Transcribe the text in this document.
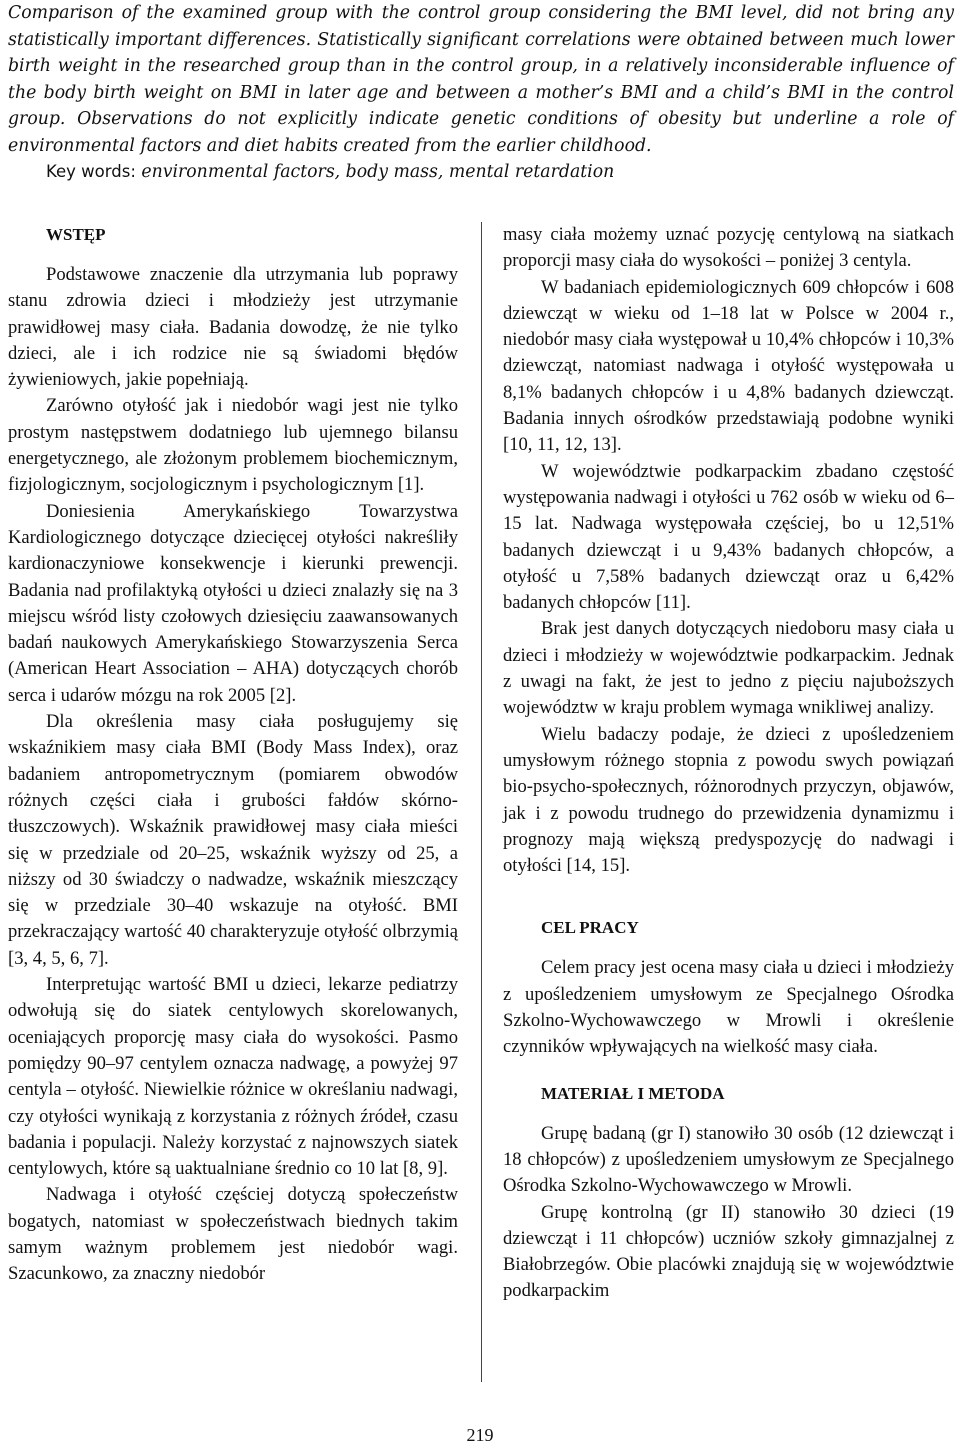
Comparison of the examined group with the control group considering the BMI level, did not bring any statistically important differences. Statistically significant correlations were obtained between much lower birth weight in the researched group than in the control group, in a relatively inconsiderable influence of the body birth weight on BMI in later age and between a mother’s BMI and a child’s BMI in the control group. Observations do not explicitly indicate genetic conditions of obesity but underline a role of environmental factors and diet habits created from the earlier childhood.

Key words: environmental factors, body mass, mental retardation

WSTĘP

Podstawowe znaczenie dla utrzymania lub poprawy stanu zdrowia dzieci i młodzieży jest utrzymanie prawidłowej masy ciała. Badania dowodzę, że nie tylko dzieci, ale i ich rodzice nie są świadomi błędów żywieniowych, jakie popełniają.

Zarówno otyłość jak i niedobór wagi jest nie tylko prostym następstwem dodatniego lub ujemnego bilansu energetycznego, ale złożonym problemem biochemicznym, fizjologicznym, socjologicznym i psychologicznym [1].

Doniesienia Amerykańskiego Towarzystwa Kardiologicznego dotyczące dziecięcej otyłości nakreśliły kardionaczyniowe konsekwencje i kierunki prewencji. Badania nad profilaktyką otyłości u dzieci znalazły się na 3 miejscu wśród listy czołowych dziesięciu zaawansowanych badań naukowych Amerykańskiego Stowarzyszenia Serca (American Heart Association – AHA) dotyczących chorób serca i udarów mózgu na rok 2005 [2].

Dla określenia masy ciała posługujemy się wskaźnikiem masy ciała BMI (Body Mass Index), oraz badaniem antropometrycznym (pomiarem obwodów różnych części ciała i grubości fałdów skórno-tłuszczowych). Wskaźnik prawidłowej masy ciała mieści się w przedziale od 20–25, wskaźnik wyższy od 25, a niższy od 30 świadczy o nadwadze, wskaźnik mieszczący się w przedziale 30–40 wskazuje na otyłość. BMI przekraczający wartość 40 charakteryzuje otyłość olbrzymią [3, 4, 5, 6, 7].

Interpretując wartość BMI u dzieci, lekarze pediatrzy odwołują się do siatek centylowych skorelowanych, oceniających proporcję masy ciała do wysokości. Pasmo pomiędzy 90–97 centylem oznacza nadwagę, a powyżej 97 centyla – otyłość. Niewielkie różnice w określaniu nadwagi, czy otyłości wynikają z korzystania z różnych źródeł, czasu badania i populacji. Należy korzystać z najnowszych siatek centylowych, które są uaktualniane średnio co 10 lat [8, 9].

Nadwaga i otyłość częściej dotyczą społeczeństw bogatych, natomiast w społeczeństwach biednych takim samym ważnym problemem jest niedobór wagi. Szacunkowo, za znaczny niedobór

masy ciała możemy uznać pozycję centylową na siatkach proporcji masy ciała do wysokości – poniżej 3 centyla.

W badaniach epidemiologicznych 609 chłopców i 608 dziewcząt w wieku od 1–18 lat w Polsce w 2004 r., niedobór masy ciała występował u 10,4% chłopców i 10,3% dziewcząt, natomiast nadwaga i otyłość występowała u 8,1% badanych chłopców i u 4,8% badanych dziewcząt. Badania innych ośrodków przedstawiają podobne wyniki [10, 11, 12, 13].

W województwie podkarpackim zbadano częstość występowania nadwagi i otyłości u 762 osób w wieku od 6–15 lat. Nadwaga występowała częściej, bo u 12,51% badanych dziewcząt i u 9,43% badanych chłopców, a otyłość u 7,58% badanych dziewcząt oraz u 6,42% badanych chłopców [11].

Brak jest danych dotyczących niedoboru masy ciała u dzieci i młodzieży w województwie podkarpackim. Jednak z uwagi na fakt, że jest to jedno z pięciu najuboższych województw w kraju problem wymaga wnikliwej analizy.

Wielu badaczy podaje, że dzieci z upośledzeniem umysłowym różnego stopnia z powodu swych powiązań bio-psycho-społecznych, różnorodnych przyczyn, objawów, jak i z powodu trudnego do przewidzenia dynamizmu i prognozy mają większą predyspozycję do nadwagi i otyłości [14, 15].

CEL PRACY

Celem pracy jest ocena masy ciała u dzieci i młodzieży z upośledzeniem umysłowym ze Specjalnego Ośrodka Szkolno-Wychowawczego w Mrowli i określenie czynników wpływających na wielkość masy ciała.

MATERIAŁ I METODA

Grupę badaną (gr I) stanowiło 30 osób (12 dziewcząt i 18 chłopców) z upośledzeniem umysłowym ze Specjalnego Ośrodka Szkolno-Wychowawczego w Mrowli.

Grupę kontrolną (gr II) stanowiło 30 dzieci (19 dziewcząt i 11 chłopców) uczniów szkoły gimnazjalnej z Białobrzegów. Obie placówki znajdują się w województwie podkarpackim

219
